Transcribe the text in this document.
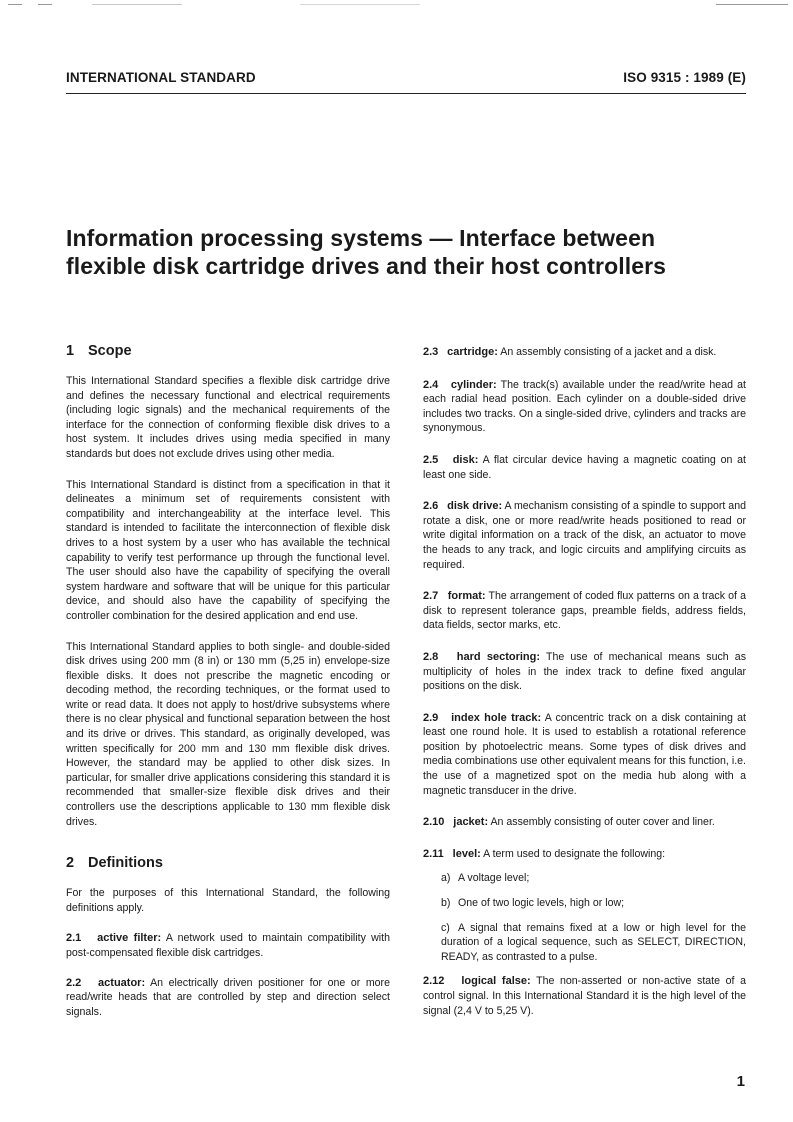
INTERNATIONAL STANDARD	ISO 9315 : 1989 (E)
Information processing systems — Interface between
flexible disk cartridge drives and their host controllers
1 Scope

This International Standard specifies a flexible disk cartridge drive and defines the necessary functional and electrical requirements (including logic signals) and the mechanical requirements of the interface for the connection of conforming flexible disk drives to a host system. It includes drives using media specified in many standards but does not exclude drives using other media.

This International Standard is distinct from a specification in that it delineates a minimum set of requirements consistent with compatibility and interchangeability at the interface level. This standard is intended to facilitate the interconnection of flexible disk drives to a host system by a user who has available the technical capability to verify test performance up through the functional level. The user should also have the capability of specifying the overall system hardware and software that will be unique for this particular device, and should also have the capability of specifying the controller combination for the desired application and end use.

This International Standard applies to both single- and double-sided disk drives using 200 mm (8 in) or 130 mm (5,25 in) envelope-size flexible disks. It does not prescribe the magnetic encoding or decoding method, the recording techniques, or the format used to write or read data. It does not apply to host/drive subsystems where there is no clear physical and functional separation between the host and its drive or drives. This standard, as originally developed, was written specifically for 200 mm and 130 mm flexible disk drives. However, the standard may be applied to other disk sizes. In particular, for smaller drive applications considering this standard it is recommended that smaller-size flexible disk drives and their controllers use the descriptions applicable to 130 mm flexible disk drives.

2 Definitions

For the purposes of this International Standard, the following definitions apply.

2.1 active filter: A network used to maintain compatibility with post-compensated flexible disk cartridges.

2.2 actuator: An electrically driven positioner for one or more read/write heads that are controlled by step and direction select signals.

2.3 cartridge: An assembly consisting of a jacket and a disk.

2.4 cylinder: The track(s) available under the read/write head at each radial head position. Each cylinder on a double-sided drive includes two tracks. On a single-sided drive, cylinders and tracks are synonymous.

2.5 disk: A flat circular device having a magnetic coating on at least one side.

2.6 disk drive: A mechanism consisting of a spindle to support and rotate a disk, one or more read/write heads positioned to read or write digital information on a track of the disk, an actuator to move the heads to any track, and logic circuits and amplifying circuits as required.

2.7 format: The arrangement of coded flux patterns on a track of a disk to represent tolerance gaps, preamble fields, address fields, data fields, sector marks, etc.

2.8 hard sectoring: The use of mechanical means such as multiplicity of holes in the index track to define fixed angular positions on the disk.

2.9 index hole track: A concentric track on a disk containing at least one round hole. It is used to establish a rotational reference position by photoelectric means. Some types of disk drives and media combinations use other equivalent means for this function, i.e. the use of a magnetized spot on the media hub along with a magnetic transducer in the drive.

2.10 jacket: An assembly consisting of outer cover and liner.

2.11 level: A term used to designate the following:

a) A voltage level;
b) One of two logic levels, high or low;
c) A signal that remains fixed at a low or high level for the duration of a logical sequence, such as SELECT, DIRECTION, READY, as contrasted to a pulse.

2.12 logical false: The non-asserted or non-active state of a control signal. In this International Standard it is the high level of the signal (2,4 V to 5,25 V).

1
